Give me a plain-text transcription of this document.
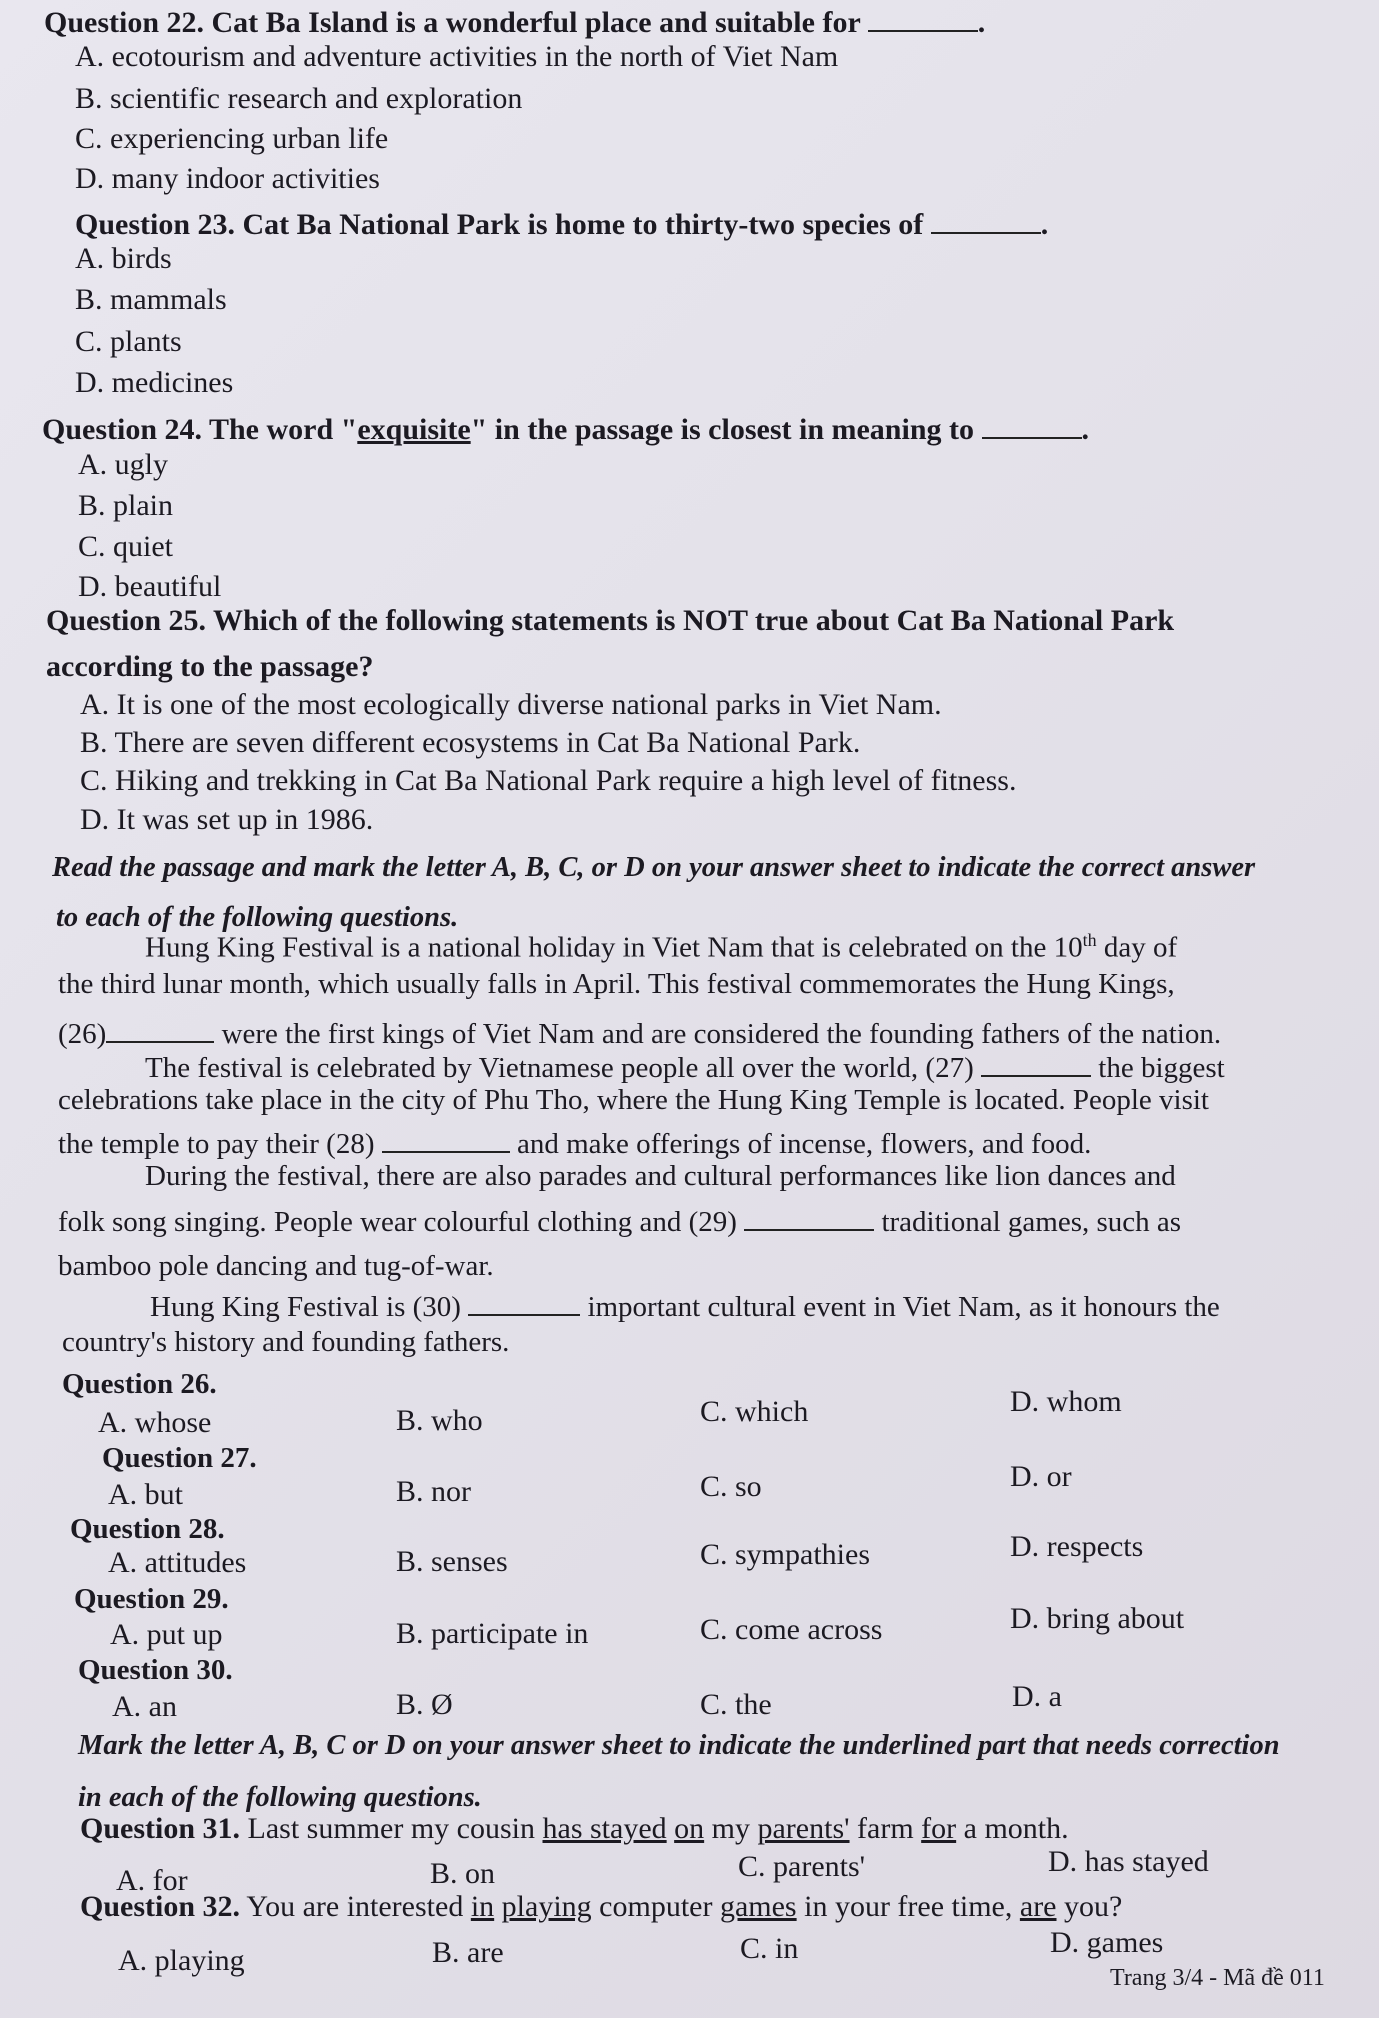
Question 22. Cat Ba Island is a wonderful place and suitable for	.
A. ecotourism and adventure activities in the north of Viet Nam
B. scientific research and exploration
C. experiencing urban life
D. many indoor activities
Question 23. Cat Ba National Park is home to thirty-two species of	.
A. birds
B. mammals
C. plants
D. medicines
Question 24. The word "exquisite" in the passage is closest in meaning to	.
A. ugly
B. plain
C. quiet
D. beautiful
Question 25. Which of the following statements is NOT true about Cat Ba National Park
according to the passage?
A. It is one of the most ecologically diverse national parks in Viet Nam.
B. There are seven different ecosystems in Cat Ba National Park.
C. Hiking and trekking in Cat Ba National Park require a high level of fitness.
D. It was set up in 1986.
Read the passage and mark the letter A, B, C, or D on your answer sheet to indicate the correct answer
to each of the following questions.
Hung King Festival is a national holiday in Viet Nam that is celebrated on the 10th day of
the third lunar month, which usually falls in April. This festival commemorates the Hung Kings,
(26)	were the first kings of Viet Nam and are considered the founding fathers of the nation.
The festival is celebrated by Vietnamese people all over the world, (27)	the biggest
celebrations take place in the city of Phu Tho, where the Hung King Temple is located. People visit
the temple to pay their (28)	and make offerings of incense, flowers, and food.
During the festival, there are also parades and cultural performances like lion dances and
folk song singing. People wear colourful clothing and (29)	traditional games, such as
bamboo pole dancing and tug-of-war.
Hung King Festival is (30)	important cultural event in Viet Nam, as it honours the
country's history and founding fathers.
Question 26.
A. whose	B. who	C. which	D. whom
Question 27.
A. but	B. nor	C. so	D. or
Question 28.
A. attitudes	B. senses	C. sympathies	D. respects
Question 29.
A. put up	B. participate in	C. come across	D. bring about
Question 30.
A. an	B. Ø	C. the	D. a
Mark the letter A, B, C or D on your answer sheet to indicate the underlined part that needs correction
in each of the following questions.
Question 31. Last summer my cousin has stayed on my parents' farm for a month.
A. for	B. on	C. parents'	D. has stayed
Question 32. You are interested in playing computer games in your free time, are you?
A. playing	B. are	C. in	D. games
Trang 3/4 - Mã đề 011
